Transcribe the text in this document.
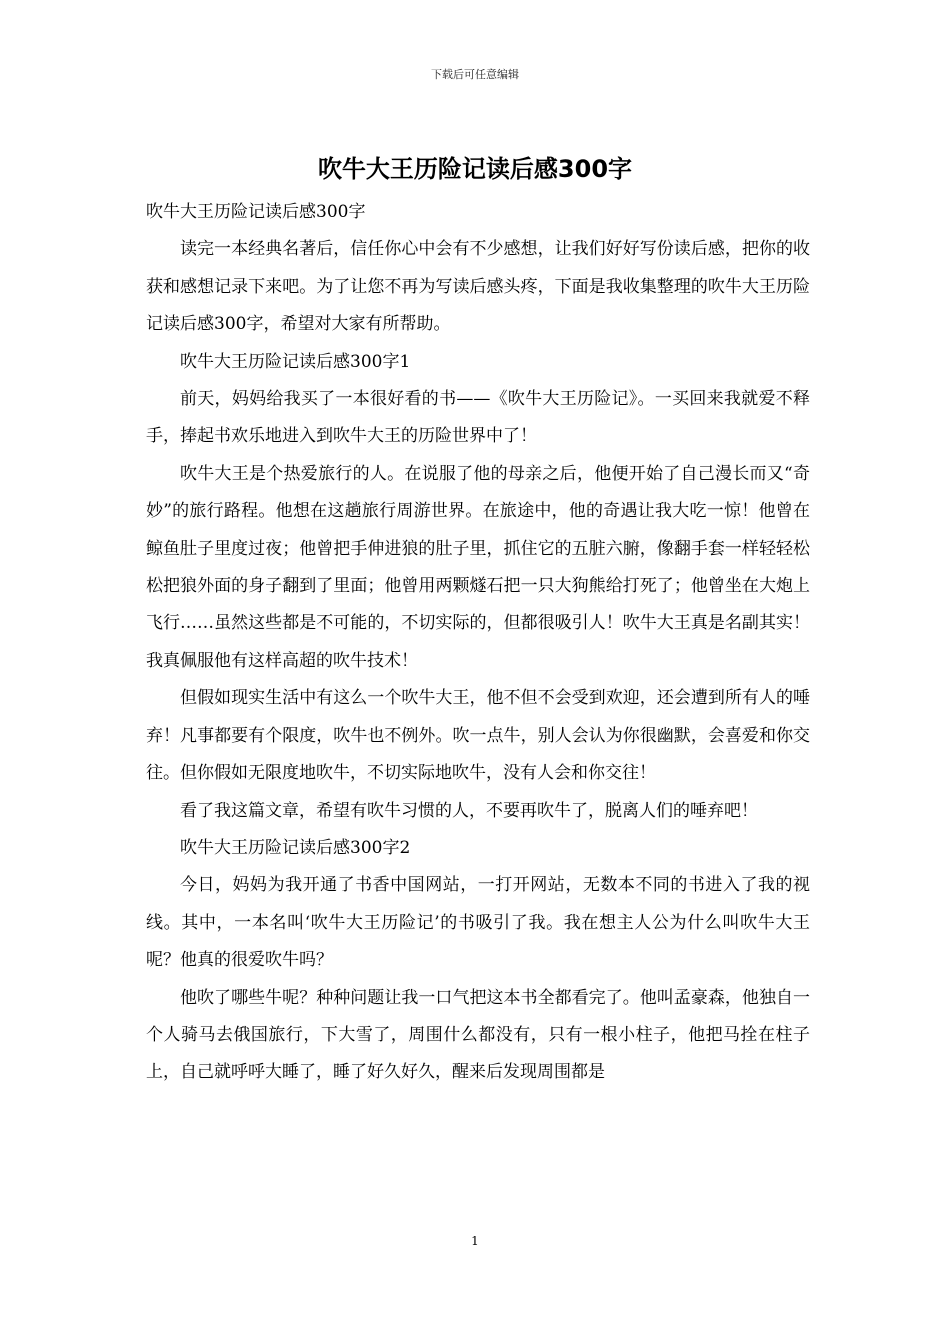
下载后可任意编辑
吹牛大王历险记读后感300字

吹牛大王历险记读后感300字

读完一本经典名著后，信任你心中会有不少感想，让我们好好写份读后感，把你的收获和感想记录下来吧。为了让您不再为写读后感头疼，下面是我收集整理的吹牛大王历险记读后感300字，希望对大家有所帮助。

吹牛大王历险记读后感300字1

前天，妈妈给我买了一本很好看的书——《吹牛大王历险记》。一买回来我就爱不释手，捧起书欢乐地进入到吹牛大王的历险世界中了！

吹牛大王是个热爱旅行的人。在说服了他的母亲之后，他便开始了自己漫长而又“奇妙”的旅行路程。他想在这趟旅行周游世界。在旅途中，他的奇遇让我大吃一惊！他曾在鲸鱼肚子里度过夜；他曾把手伸进狼的肚子里，抓住它的五脏六腑，像翻手套一样轻轻松松把狼外面的身子翻到了里面；他曾用两颗燧石把一只大狗熊给打死了；他曾坐在大炮上飞行……虽然这些都是不可能的，不切实际的，但都很吸引人！吹牛大王真是名副其实！我真佩服他有这样高超的吹牛技术！

但假如现实生活中有这么一个吹牛大王，他不但不会受到欢迎，还会遭到所有人的唾弃！凡事都要有个限度，吹牛也不例外。吹一点牛，别人会认为你很幽默，会喜爱和你交往。但你假如无限度地吹牛，不切实际地吹牛，没有人会和你交往！

看了我这篇文章，希望有吹牛习惯的人，不要再吹牛了，脱离人们的唾弃吧！

吹牛大王历险记读后感300字2

今日，妈妈为我开通了书香中国网站，一打开网站，无数本不同的书进入了我的视线。其中，一本名叫‘吹牛大王历险记’的书吸引了我。我在想主人公为什么叫吹牛大王呢？他真的很爱吹牛吗？

他吹了哪些牛呢？种种问题让我一口气把这本书全都看完了。他叫孟豪森，他独自一个人骑马去俄国旅行，下大雪了，周围什么都没有，只有一根小柱子，他把马拴在柱子上，自己就呼呼大睡了，睡了好久好久，醒来后发现周围都是

1
